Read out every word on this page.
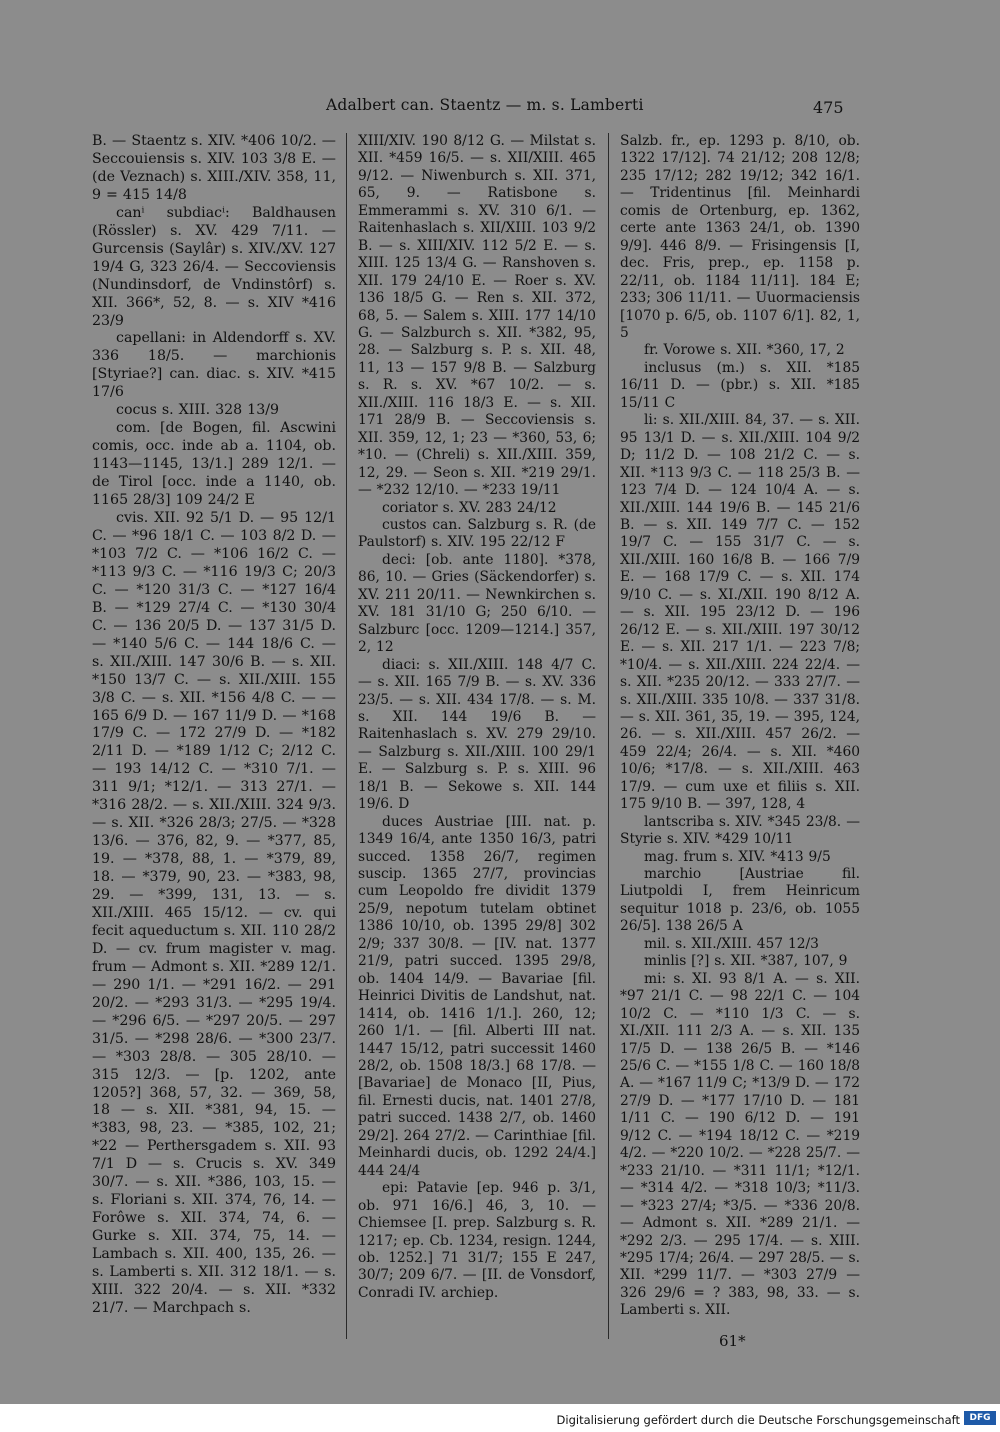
Adalbert can. Staentz — m. s. Lamberti	475

B. — Staentz s. XIV. *406 10/2. — Seccouiensis s. XIV. 103 3/8 E. — (de Veznach) s. XIII./XIV. 358, 11, 9 = 415 14/8

canⁱ subdiacⁱ: Baldhausen (Rössler) s. XV. 429 7/11. — Gurcensis (Saylâr) s. XIV./XV. 127 19/4 G, 323 26/4. — Seccoviensis (Nundinsdorf, de Vndinstôrf) s. XII. 366*, 52, 8. — s. XIV *416 23/9

capellani: in Aldendorff s. XV. 336 18/5. — marchionis [Styriae?] can. diac. s. XIV. *415 17/6

cocus s. XIII. 328 13/9

com. [de Bogen, fil. Ascwini comis, occ. inde ab a. 1104, ob. 1143—1145, 13/1.] 289 12/1. — de Tirol [occ. inde a 1140, ob. 1165 28/3] 109 24/2 E

cvis. XII. 92 5/1 D. — 95 12/1 C. — *96 18/1 C. — 103 8/2 D. — *103 7/2 C. — *106 16/2 C. — *113 9/3 C. — *116 19/3 C; 20/3 C. — *120 31/3 C. — *127 16/4 B. — *129 27/4 C. — *130 30/4 C. — 136 20/5 D. — 137 31/5 D. — *140 5/6 C. — 144 18/6 C. — s. XII./XIII. 147 30/6 B. — s. XII. *150 13/7 C. — s. XII./XIII. 155 3/8 C. — s. XII. *156 4/8 C. — — 165 6/9 D. — 167 11/9 D. — *168 17/9 C. — 172 27/9 D. — *182 2/11 D. — *189 1/12 C; 2/12 C. — 193 14/12 C. — *310 7/1. — 311 9/1; *12/1. — 313 27/1. — *316 28/2. — s. XII./XIII. 324 9/3. — s. XII. *326 28/3; 27/5. — *328 13/6. — 376, 82, 9. — *377, 85, 19. — *378, 88, 1. — *379, 89, 18. — *379, 90, 23. — *383, 98, 29. — *399, 131, 13. — s. XII./XIII. 465 15/12. — cv. qui fecit aqueductum s. XII. 110 28/2 D. — cv. frum magister v. mag. frum — Admont s. XII. *289 12/1. — 290 1/1. — *291 16/2. — 291 20/2. — *293 31/3. — *295 19/4. — *296 6/5. — *297 20/5. — 297 31/5. — *298 28/6. — *300 23/7. — *303 28/8. — 305 28/10. — 315 12/3. — [p. 1202, ante 1205?] 368, 57, 32. — 369, 58, 18 — s. XII. *381, 94, 15. — *383, 98, 23. — *385, 102, 21; *22 — Perthersgadem s. XII. 93 7/1 D — s. Crucis s. XV. 349 30/7. — s. XII. *386, 103, 15. — s. Floriani s. XII. 374, 76, 14. — Forôwe s. XII. 374, 74, 6. — Gurke s. XII. 374, 75, 14. — Lambach s. XII. 400, 135, 26. — s. Lamberti s. XII. 312 18/1. — s. XIII. 322 20/4. — s. XII. *332 21/7. — Marchpach s.

XIII/XIV. 190 8/12 G. — Milstat s. XII. *459 16/5. — s. XII/XIII. 465 9/12. — Niwenburch s. XII. 371, 65, 9. — Ratisbone s. Emmerammi s. XV. 310 6/1. — Raitenhaslach s. XII/XIII. 103 9/2 B. — s. XIII/XIV. 112 5/2 E. — s. XIII. 125 13/4 G. — Ranshoven s. XII. 179 24/10 E. — Roer s. XV. 136 18/5 G. — Ren s. XII. 372, 68, 5. — Salem s. XIII. 177 14/10 G. — Salzburch s. XII. *382, 95, 28. — Salzburg s. P. s. XII. 48, 11, 13 — 157 9/8 B. — Salzburg s. R. s. XV. *67 10/2. — s. XII./XIII. 116 18/3 E. — s. XII. 171 28/9 B. — Seccoviensis s. XII. 359, 12, 1; 23 — *360, 53, 6; *10. — (Chreli) s. XII./XIII. 359, 12, 29. — Seon s. XII. *219 29/1. — *232 12/10. — *233 19/11

coriator s. XV. 283 24/12

custos can. Salzburg s. R. (de Paulstorf) s. XIV. 195 22/12 F

deci: [ob. ante 1180]. *378, 86, 10. — Gries (Säckendorfer) s. XV. 211 20/11. — Newnkirchen s. XV. 181 31/10 G; 250 6/10. — Salzburc [occ. 1209—1214.] 357, 2, 12

diaci: s. XII./XIII. 148 4/7 C. — s. XII. 165 7/9 B. — s. XV. 336 23/5. — s. XII. 434 17/8. — s. M. s. XII. 144 19/6 B. — Raitenhaslach s. XV. 279 29/10. — Salzburg s. XII./XIII. 100 29/1 E. — Salzburg s. P. s. XIII. 96 18/1 B. — Sekowe s. XII. 144 19/6. D

duces Austriae [III. nat. p. 1349 16/4, ante 1350 16/3, patri succed. 1358 26/7, regimen suscip. 1365 27/7, provincias cum Leopoldo fre dividit 1379 25/9, nepotum tutelam obtinet 1386 10/10, ob. 1395 29/8] 302 2/9; 337 30/8. — [IV. nat. 1377 21/9, patri succed. 1395 29/8, ob. 1404 14/9. — Bavariae [fil. Heinrici Divitis de Landshut, nat. 1414, ob. 1416 1/1.]. 260, 12; 260 1/1. — [fil. Alberti III nat. 1447 15/12, patri successit 1460 28/2, ob. 1508 18/3.] 68 17/8. — [Bavariae] de Monaco [II, Pius, fil. Ernesti ducis, nat. 1401 27/8, patri succed. 1438 2/7, ob. 1460 29/2]. 264 27/2. — Carinthiae [fil. Meinhardi ducis, ob. 1292 24/4.] 444 24/4

epi: Patavie [ep. 946 p. 3/1, ob. 971 16/6.] 46, 3, 10. — Chiemsee [I. prep. Salzburg s. R. 1217; ep. Cb. 1234, resign. 1244, ob. 1252.] 71 31/7; 155 E 247, 30/7; 209 6/7. — [II. de Vonsdorf, Conradi IV. archiep.

Salzb. fr., ep. 1293 p. 8/10, ob. 1322 17/12]. 74 21/12; 208 12/8; 235 17/12; 282 19/12; 342 16/1. — Tridentinus [fil. Meinhardi comis de Ortenburg, ep. 1362, certe ante 1363 24/1, ob. 1390 9/9]. 446 8/9. — Frisingensis [I, dec. Fris, prep., ep. 1158 p. 22/11, ob. 1184 11/11]. 184 E; 233; 306 11/11. — Uuormaciensis [1070 p. 6/5, ob. 1107 6/1]. 82, 1, 5

fr. Vorowe s. XII. *360, 17, 2

inclusus (m.) s. XII. *185 16/11 D. — (pbr.) s. XII. *185 15/11 C

li: s. XII./XIII. 84, 37. — s. XII. 95 13/1 D. — s. XII./XIII. 104 9/2 D; 11/2 D. — 108 21/2 C. — s. XII. *113 9/3 C. — 118 25/3 B. — 123 7/4 D. — 124 10/4 A. — s. XII./XIII. 144 19/6 B. — 145 21/6 B. — s. XII. 149 7/7 C. — 152 19/7 C. — 155 31/7 C. — s. XII./XIII. 160 16/8 B. — 166 7/9 E. — 168 17/9 C. — s. XII. 174 9/10 C. — s. XI./XII. 190 8/12 A. — s. XII. 195 23/12 D. — 196 26/12 E. — s. XII./XIII. 197 30/12 E. — s. XII. 217 1/1. — 223 7/8; *10/4. — s. XII./XIII. 224 22/4. — s. XII. *235 20/12. — 333 27/7. — s. XII./XIII. 335 10/8. — 337 31/8. — s. XII. 361, 35, 19. — 395, 124, 26. — s. XII./XIII. 457 26/2. — 459 22/4; 26/4. — s. XII. *460 10/6; *17/8. — s. XII./XIII. 463 17/9. — cum uxe et filiis s. XII. 175 9/10 B. — 397, 128, 4

lantscriba s. XIV. *345 23/8. — Styrie s. XIV. *429 10/11

mag. frum s. XIV. *413 9/5

marchio [Austriae fil. Liutpoldi I, frem Heinricum sequitur 1018 p. 23/6, ob. 1055 26/5]. 138 26/5 A

mil. s. XII./XIII. 457 12/3

minlis [?] s. XII. *387, 107, 9

mi: s. XI. 93 8/1 A. — s. XII. *97 21/1 C. — 98 22/1 C. — 104 10/2 C. — *110 1/3 C. — s. XI./XII. 111 2/3 A. — s. XII. 135 17/5 D. — 138 26/5 B. — *146 25/6 C. — *155 1/8 C. — 160 18/8 A. — *167 11/9 C; *13/9 D. — 172 27/9 D. — *177 17/10 D. — 181 1/11 C. — 190 6/12 D. — 191 9/12 C. — *194 18/12 C. — *219 4/2. — *220 10/2. — *228 25/7. — *233 21/10. — *311 11/1; *12/1. — *314 4/2. — *318 10/3; *11/3. — *323 27/4; *3/5. — *336 20/8. — Admont s. XII. *289 21/1. — *292 2/3. — 295 17/4. — s. XIII. *295 17/4; 26/4. — 297 28/5. — s. XII. *299 11/7. — *303 27/9 — 326 29/6 = ? 383, 98, 33. — s. Lamberti s. XII.

61*
Digitalisierung gefördert durch die Deutsche Forschungsgemeinschaft	DFG
